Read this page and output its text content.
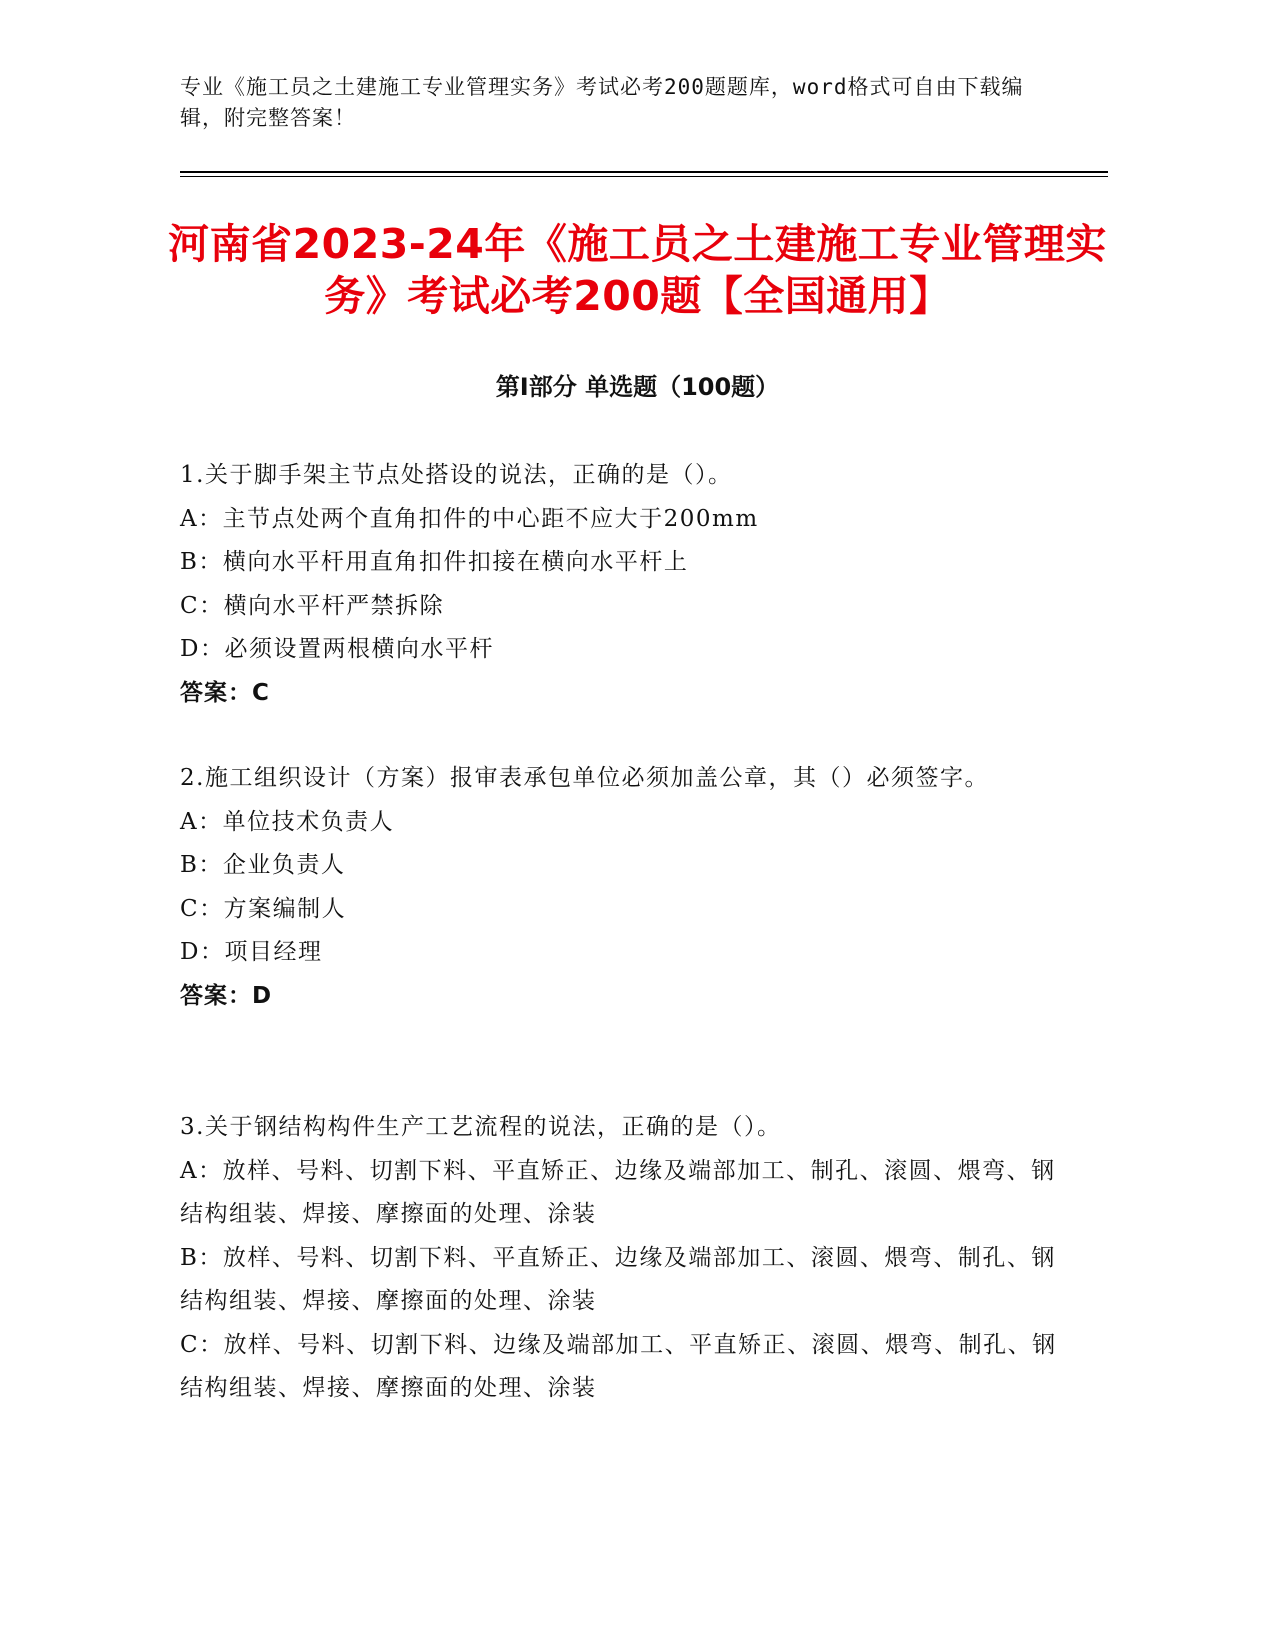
专业《施工员之土建施工专业管理实务》考试必考200题题库，word格式可自由下载编辑，附完整答案！
河南省2023-24年《施工员之土建施工专业管理实务》考试必考200题【全国通用】
第I部分 单选题（100题）
1.关于脚手架主节点处搭设的说法，正确的是（）。
A：主节点处两个直角扣件的中心距不应大于200mm
B：横向水平杆用直角扣件扣接在横向水平杆上
C：横向水平杆严禁拆除
D：必须设置两根横向水平杆
答案：C
2.施工组织设计（方案）报审表承包单位必须加盖公章，其（）必须签字。
A：单位技术负责人
B：企业负责人
C：方案编制人
D：项目经理
答案：D
3.关于钢结构构件生产工艺流程的说法，正确的是（）。
A：放样、号料、切割下料、平直矫正、边缘及端部加工、制孔、滚圆、煨弯、钢结构组装、焊接、摩擦面的处理、涂装
B：放样、号料、切割下料、平直矫正、边缘及端部加工、滚圆、煨弯、制孔、钢结构组装、焊接、摩擦面的处理、涂装
C：放样、号料、切割下料、边缘及端部加工、平直矫正、滚圆、煨弯、制孔、钢结构组装、焊接、摩擦面的处理、涂装
